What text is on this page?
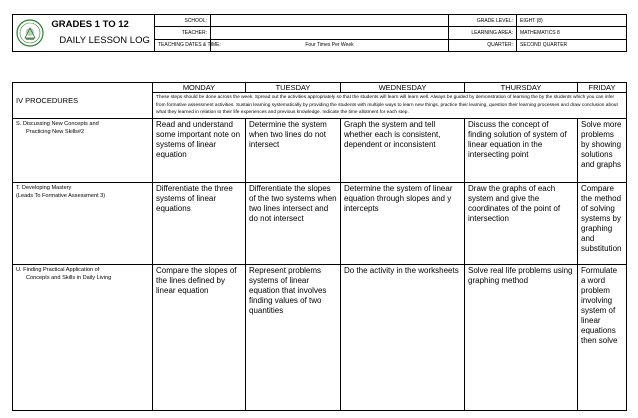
GRADES 1 TO 12
DAILY LESSON LOG	SCHOOL:		GRADE LEVEL:	EIGHT (8)
	TEACHER:		LEARNING AREA:	MATHEMATICS 8
	TEACHING DATES & TIME:	Four Times Per Week	QUARTER:	SECOND QUARTER
IV PROCEDURES	MONDAY	TUESDAY	WEDNESDAY	THURSDAY	FRIDAY
	These steps should be done across the week. Spread out the activities appropriately so that the students will learn will learn well. Always be guided by demonstration of learning the by the students which you can infer from formative assessment activities. Sustain learning systematically by providing the students with multiple ways to learn new things, practice their learning, question their learning processes and draw conclusion about what they learned in relation to their life experiences and previous knowledge. Indicate the time allotment for each step.				
S. Discussing New Concepts and
Practicing New Skills#2	Read and understand some important note on systems of linear equation	Determine the system when two lines do not intersect	Graph the system and tell whether each is consistent, dependent or inconsistent	Discuss the concept of finding solution of system of linear equation in the intersecting point	Solve more problems by showing solutions and graphs
T. Developing Mastery
(Leads To Formative Assessment 3)	Differentiate the three systems of linear equations	Differentiate the slopes of the two systems when two lines intersect and do not intersect	Determine the system of linear equation through slopes and y intercepts	Draw the graphs of each system and give the coordinates of the point of intersection	Compare the method of solving systems by graphing and substitution
U. Finding Practical Application of
Concepts and Skills in Daily Living	Compare the slopes of the lines defined by linear equation	Represent problems systems of linear equation that involves finding values of two quantities	Do the activity in the worksheets	Solve real life problems using graphing method	Formulate a word problem involving system of linear equations then solve
